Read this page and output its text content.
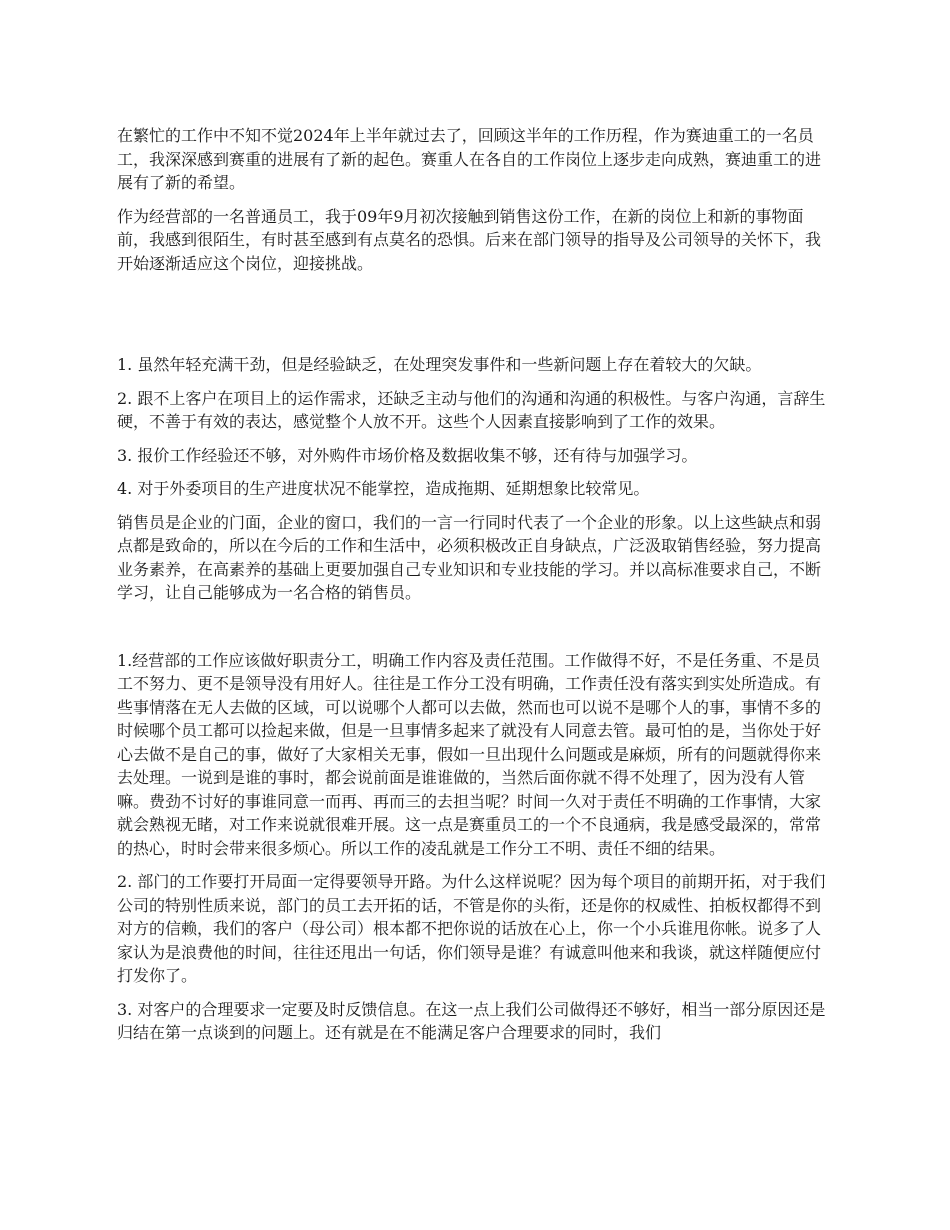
在繁忙的工作中不知不觉2024年上半年就过去了，回顾这半年的工作历程，作为赛迪重工的一名员工，我深深感到赛重的进展有了新的起色。赛重人在各自的工作岗位上逐步走向成熟，赛迪重工的进展有了新的希望。

作为经营部的一名普通员工，我于09年9月初次接触到销售这份工作，在新的岗位上和新的事物面前，我感到很陌生，有时甚至感到有点莫名的恐惧。后来在部门领导的指导及公司领导的关怀下，我开始逐渐适应这个岗位，迎接挑战。

1. 虽然年轻充满干劲，但是经验缺乏，在处理突发事件和一些新问题上存在着较大的欠缺。

2. 跟不上客户在项目上的运作需求，还缺乏主动与他们的沟通和沟通的积极性。与客户沟通，言辞生硬，不善于有效的表达，感觉整个人放不开。这些个人因素直接影响到了工作的效果。

3. 报价工作经验还不够，对外购件市场价格及数据收集不够，还有待与加强学习。

4. 对于外委项目的生产进度状况不能掌控，造成拖期、延期想象比较常见。

销售员是企业的门面，企业的窗口，我们的一言一行同时代表了一个企业的形象。以上这些缺点和弱点都是致命的，所以在今后的工作和生活中，必须积极改正自身缺点，广泛汲取销售经验，努力提高业务素养，在高素养的基础上更要加强自己专业知识和专业技能的学习。并以高标准要求自己，不断学习，让自己能够成为一名合格的销售员。

1.经营部的工作应该做好职责分工，明确工作内容及责任范围。工作做得不好，不是任务重、不是员工不努力、更不是领导没有用好人。往往是工作分工没有明确，工作责任没有落实到实处所造成。有些事情落在无人去做的区域，可以说哪个人都可以去做，然而也可以说不是哪个人的事，事情不多的时候哪个员工都可以捡起来做，但是一旦事情多起来了就没有人同意去管。最可怕的是，当你处于好心去做不是自己的事，做好了大家相关无事，假如一旦出现什么问题或是麻烦，所有的问题就得你来去处理。一说到是谁的事时，都会说前面是谁谁做的，当然后面你就不得不处理了，因为没有人管嘛。费劲不讨好的事谁同意一而再、再而三的去担当呢？时间一久对于责任不明确的工作事情，大家就会熟视无睹，对工作来说就很难开展。这一点是赛重员工的一个不良通病，我是感受最深的，常常的热心，时时会带来很多烦心。所以工作的凌乱就是工作分工不明、责任不细的结果。

2. 部门的工作要打开局面一定得要领导开路。为什么这样说呢？因为每个项目的前期开拓，对于我们公司的特别性质来说，部门的员工去开拓的话，不管是你的头衔，还是你的权威性、拍板权都得不到对方的信赖，我们的客户（母公司）根本都不把你说的话放在心上，你一个小兵谁甩你帐。说多了人家认为是浪费他的时间，往往还甩出一句话，你们领导是谁？有诚意叫他来和我谈，就这样随便应付打发你了。

3. 对客户的合理要求一定要及时反馈信息。在这一点上我们公司做得还不够好，相当一部分原因还是归结在第一点谈到的问题上。还有就是在不能满足客户合理要求的同时，我们
